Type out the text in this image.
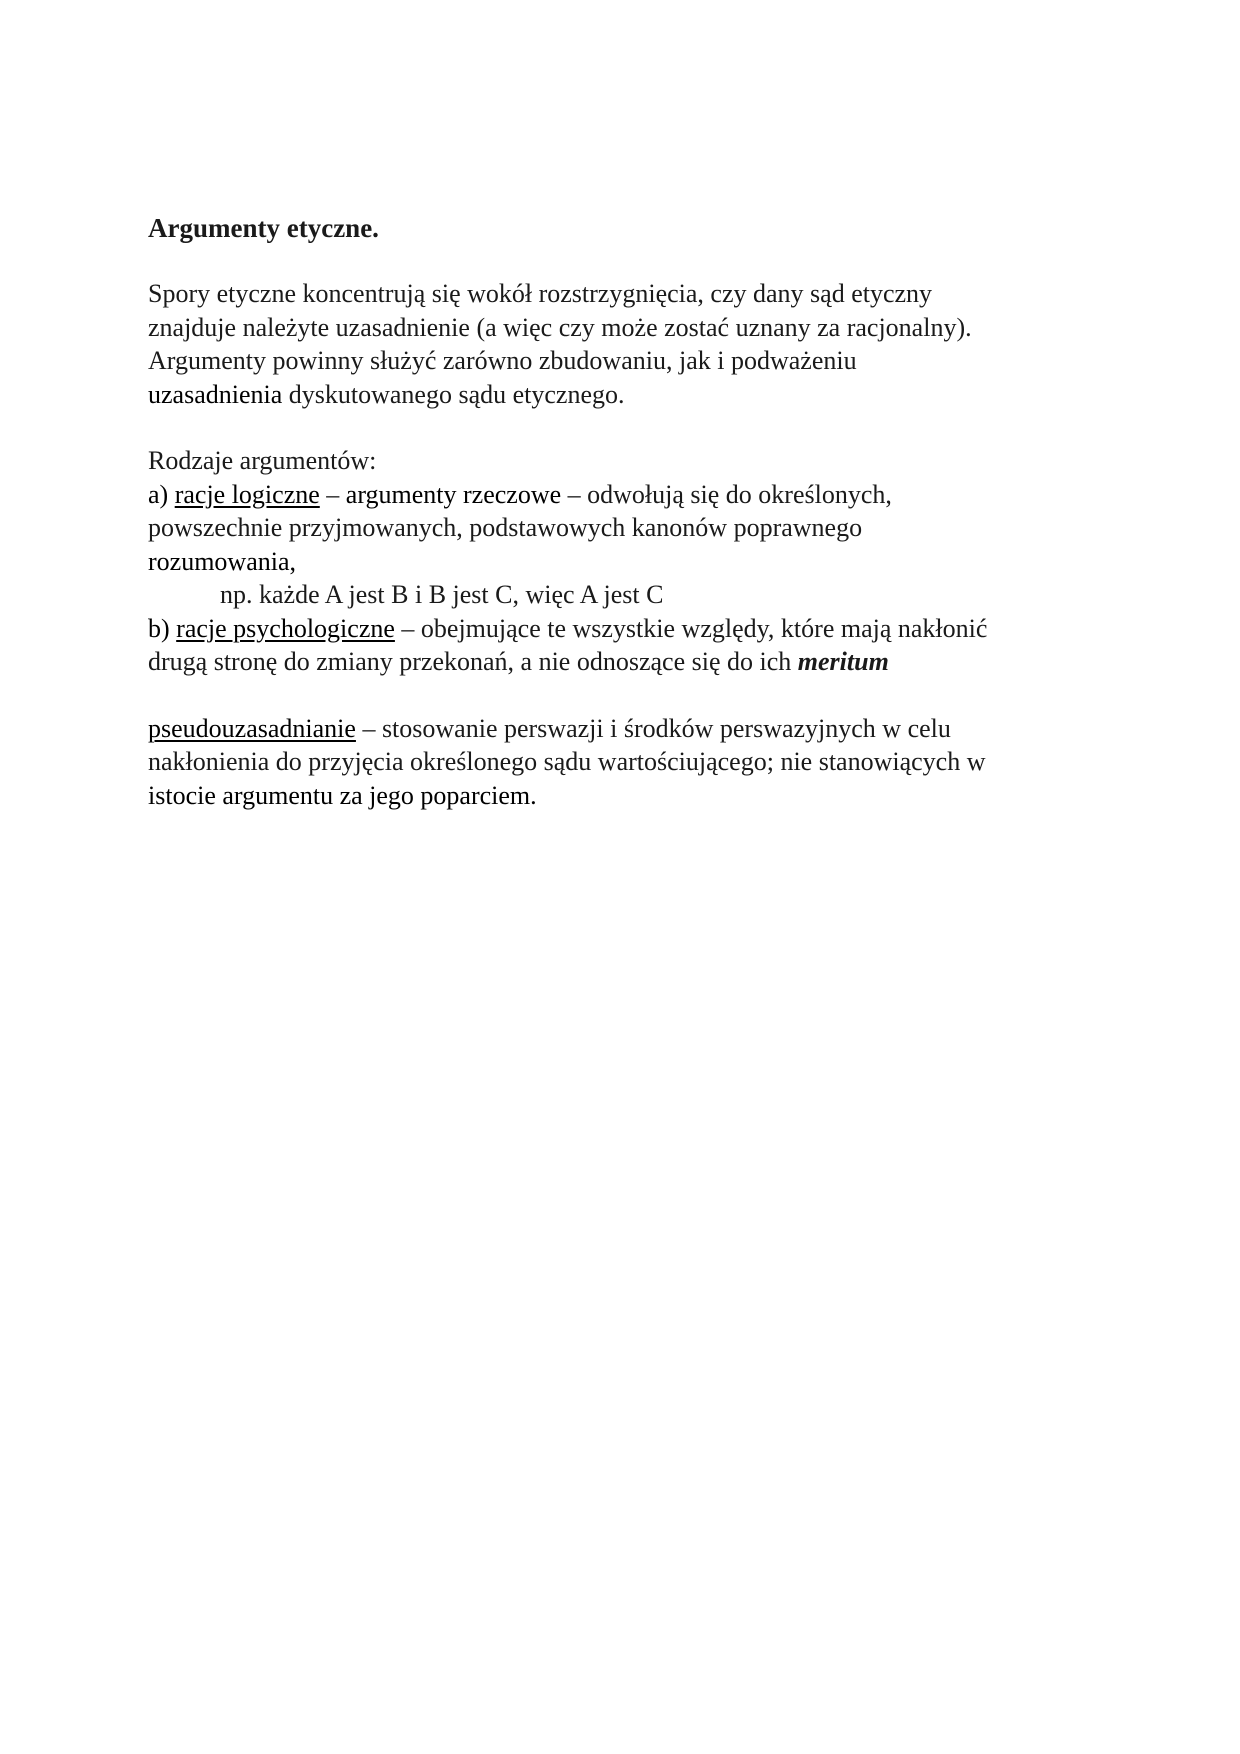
Argumenty etyczne.

Spory etyczne koncentrują się wokół rozstrzygnięcia, czy dany sąd etyczny

znajduje należyte uzasadnienie (a więc czy może zostać uznany za racjonalny).

Argumenty powinny służyć zarówno zbudowaniu, jak i podważeniu

uzasadnienia dyskutowanego sądu etycznego.

Rodzaje argumentów:

a) racje logiczne – argumenty rzeczowe – odwołują się do określonych,

powszechnie przyjmowanych, podstawowych kanonów poprawnego

rozumowania,

np. każde A jest B i B jest C, więc A jest C

b) racje psychologiczne – obejmujące te wszystkie względy, które mają nakłonić

drugą stronę do zmiany przekonań, a nie odnoszące się do ich meritum

pseudouzasadnianie – stosowanie perswazji i środków perswazyjnych w celu

nakłonienia do przyjęcia określonego sądu wartościującego; nie stanowiących w

istocie argumentu za jego poparciem.
